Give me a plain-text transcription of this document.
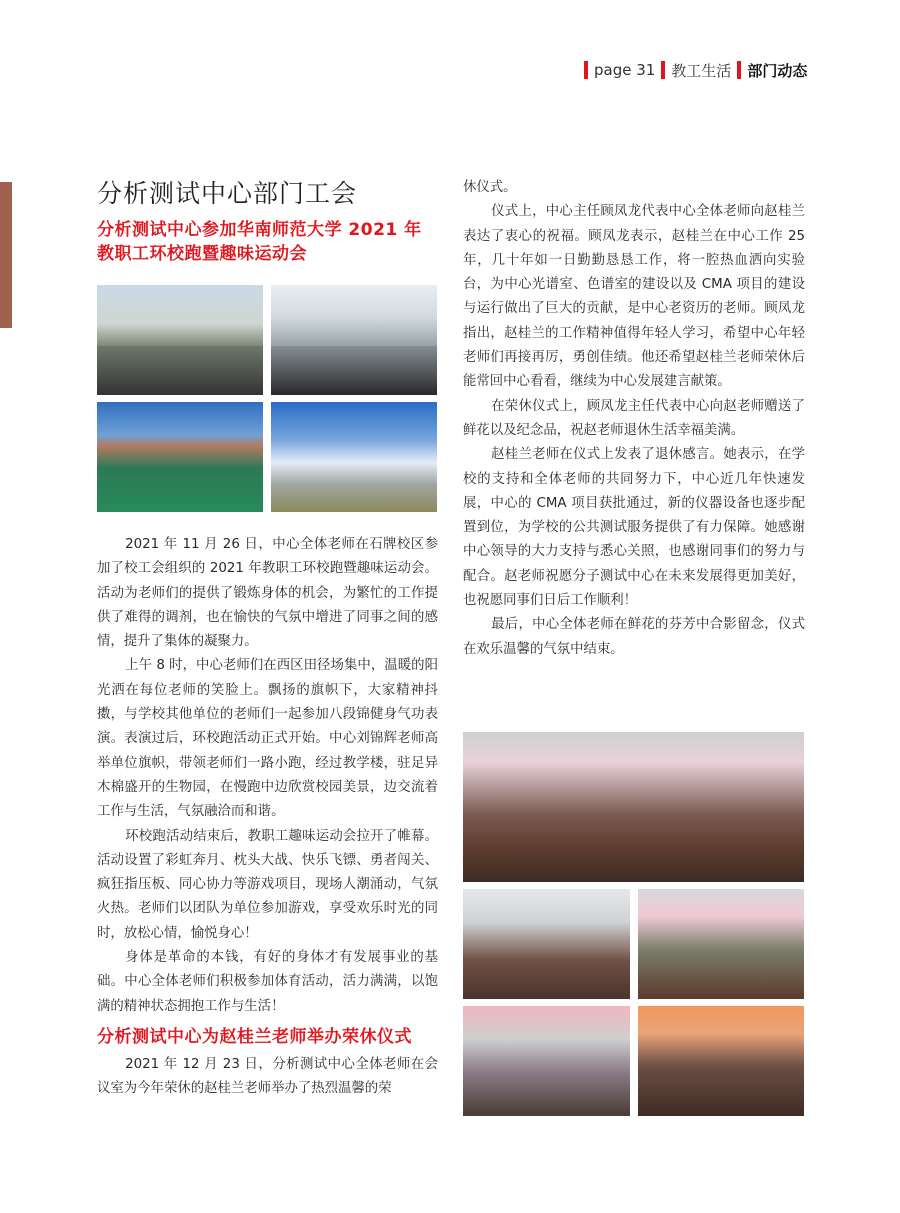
page 31 教工生活 部门动态
分析测试中心部门工会
分析测试中心参加华南师范大学 2021 年教职工环校跑暨趣味运动会

2021 年 11 月 26 日，中心全体老师在石牌校区参加了校工会组织的 2021 年教职工环校跑暨趣味运动会。活动为老师们的提供了锻炼身体的机会，为繁忙的工作提供了难得的调剂，也在愉快的气氛中增进了同事之间的感情，提升了集体的凝聚力。

上午 8 时，中心老师们在西区田径场集中，温暖的阳光洒在每位老师的笑脸上。飘扬的旗帜下，大家精神抖擞，与学校其他单位的老师们一起参加八段锦健身气功表演。表演过后，环校跑活动正式开始。中心刘锦辉老师高举单位旗帜，带领老师们一路小跑，经过教学楼，驻足异木棉盛开的生物园，在慢跑中边欣赏校园美景，边交流着工作与生活，气氛融洽而和谐。

环校跑活动结束后，教职工趣味运动会拉开了帷幕。活动设置了彩虹奔月、枕头大战、快乐飞镖、勇者闯关、疯狂指压板、同心协力等游戏项目，现场人潮涌动，气氛火热。老师们以团队为单位参加游戏，享受欢乐时光的同时，放松心情，愉悦身心！

身体是革命的本钱，有好的身体才有发展事业的基础。中心全体老师们积极参加体育活动，活力满满，以饱满的精神状态拥抱工作与生活！

分析测试中心为赵桂兰老师举办荣休仪式

2021 年 12 月 23 日，分析测试中心全体老师在会议室为今年荣休的赵桂兰老师举办了热烈温馨的荣

休仪式。

仪式上，中心主任顾凤龙代表中心全体老师向赵桂兰表达了衷心的祝福。顾凤龙表示，赵桂兰在中心工作 25 年，几十年如一日勤勤恳恳工作，将一腔热血洒向实验台，为中心光谱室、色谱室的建设以及 CMA 项目的建设与运行做出了巨大的贡献，是中心老资历的老师。顾凤龙指出，赵桂兰的工作精神值得年轻人学习，希望中心年轻老师们再接再厉，勇创佳绩。他还希望赵桂兰老师荣休后能常回中心看看，继续为中心发展建言献策。

在荣休仪式上，顾凤龙主任代表中心向赵老师赠送了鲜花以及纪念品，祝赵老师退休生活幸福美满。

赵桂兰老师在仪式上发表了退休感言。她表示，在学校的支持和全体老师的共同努力下，中心近几年快速发展，中心的 CMA 项目获批通过，新的仪器设备也逐步配置到位，为学校的公共测试服务提供了有力保障。她感谢中心领导的大力支持与悉心关照，也感谢同事们的努力与配合。赵老师祝愿分子测试中心在未来发展得更加美好，也祝愿同事们日后工作顺利！

最后，中心全体老师在鲜花的芬芳中合影留念，仪式在欢乐温馨的气氛中结束。
